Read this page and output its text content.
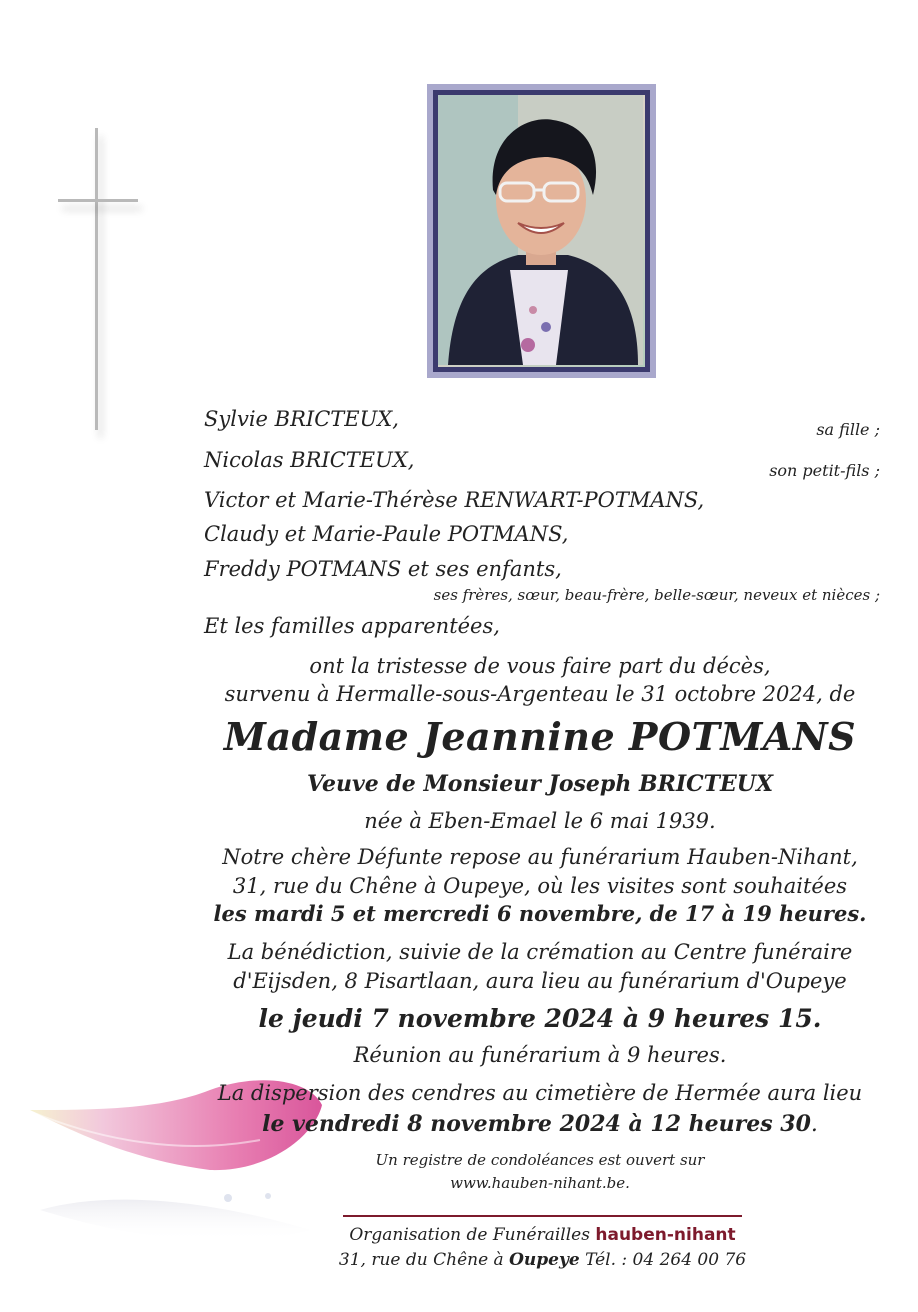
Sylvie BRICTEUX,	sa fille ;
Nicolas BRICTEUX,	son petit-fils ;
Victor et Marie-Thérèse RENWART-POTMANS,
Claudy et Marie-Paule POTMANS,
Freddy POTMANS et ses enfants,
ses frères, sœur, beau-frère, belle-sœur, neveux et nièces ;
Et les familles apparentées,
ont la tristesse de vous faire part du décès,
survenu à Hermalle-sous-Argenteau le 31 octobre 2024, de
Madame Jeannine POTMANS
Veuve de Monsieur Joseph BRICTEUX
née à Eben-Emael le 6 mai 1939.
Notre chère Défunte repose au funérarium Hauben-Nihant,
31, rue du Chêne à Oupeye, où les visites sont souhaitées
les mardi 5 et mercredi 6 novembre, de 17 à 19 heures.
La bénédiction, suivie de la crémation au Centre funéraire
d'Eijsden, 8 Pisartlaan, aura lieu au funérarium d'Oupeye
le jeudi 7 novembre 2024 à 9 heures 15.
Réunion au funérarium à 9 heures.
La dispersion des cendres au cimetière de Hermée aura lieu
le vendredi 8 novembre 2024 à 12 heures 30.
Un registre de condoléances est ouvert sur
www.hauben-nihant.be.
Organisation de Funérailles hauben-nihant
31, rue du Chêne à Oupeye Tél. : 04 264 00 76
